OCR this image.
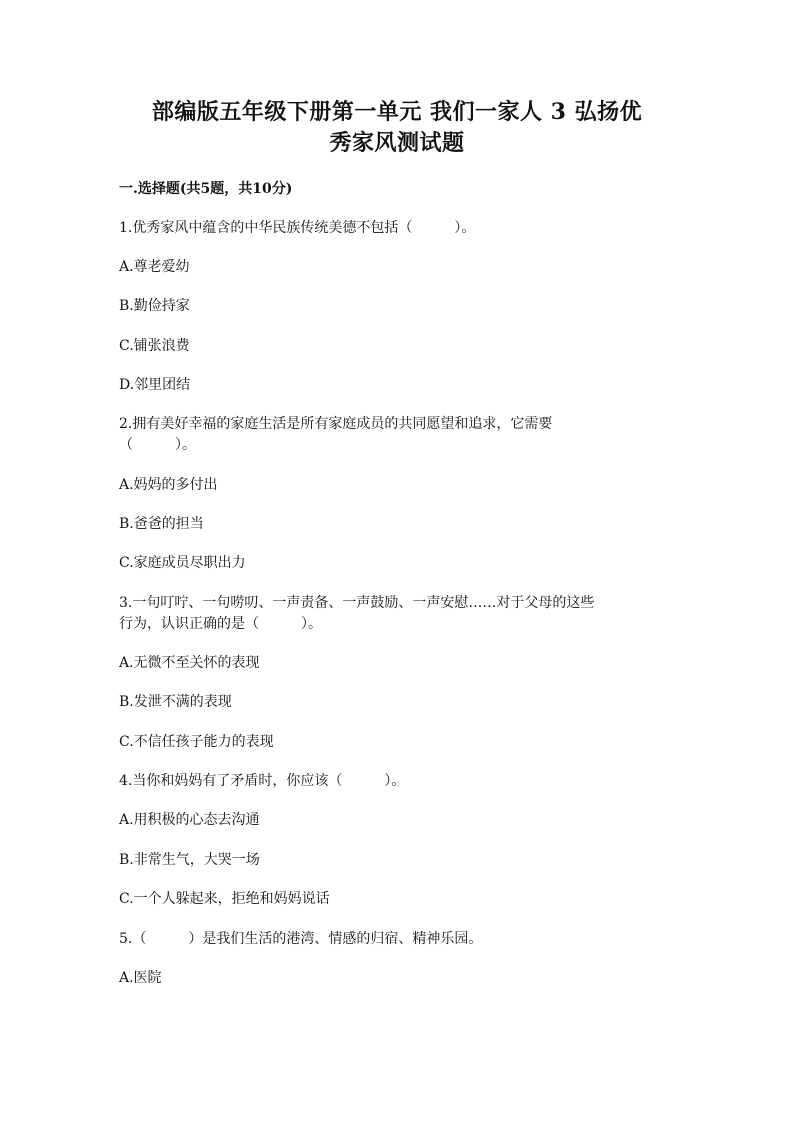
部编版五年级下册第一单元 我们一家人 3 弘扬优
秀家风测试题
一.选择题(共5题，共10分)
1.优秀家风中蕴含的中华民族传统美德不包括（　　　）。
A.尊老爱幼
B.勤俭持家
C.铺张浪费
D.邻里团结
2.拥有美好幸福的家庭生活是所有家庭成员的共同愿望和追求，它需要
（　　　）。
A.妈妈的多付出
B.爸爸的担当
C.家庭成员尽职出力
3.一句叮咛、一句唠叨、一声责备、一声鼓励、一声安慰……对于父母的这些
行为，认识正确的是（　　　）。
A.无微不至关怀的表现
B.发泄不满的表现
C.不信任孩子能力的表现
4.当你和妈妈有了矛盾时，你应该（　　　）。
A.用积极的心态去沟通
B.非常生气，大哭一场
C.一个人躲起来，拒绝和妈妈说话
5.（　　　）是我们生活的港湾、情感的归宿、精神乐园。
A.医院
